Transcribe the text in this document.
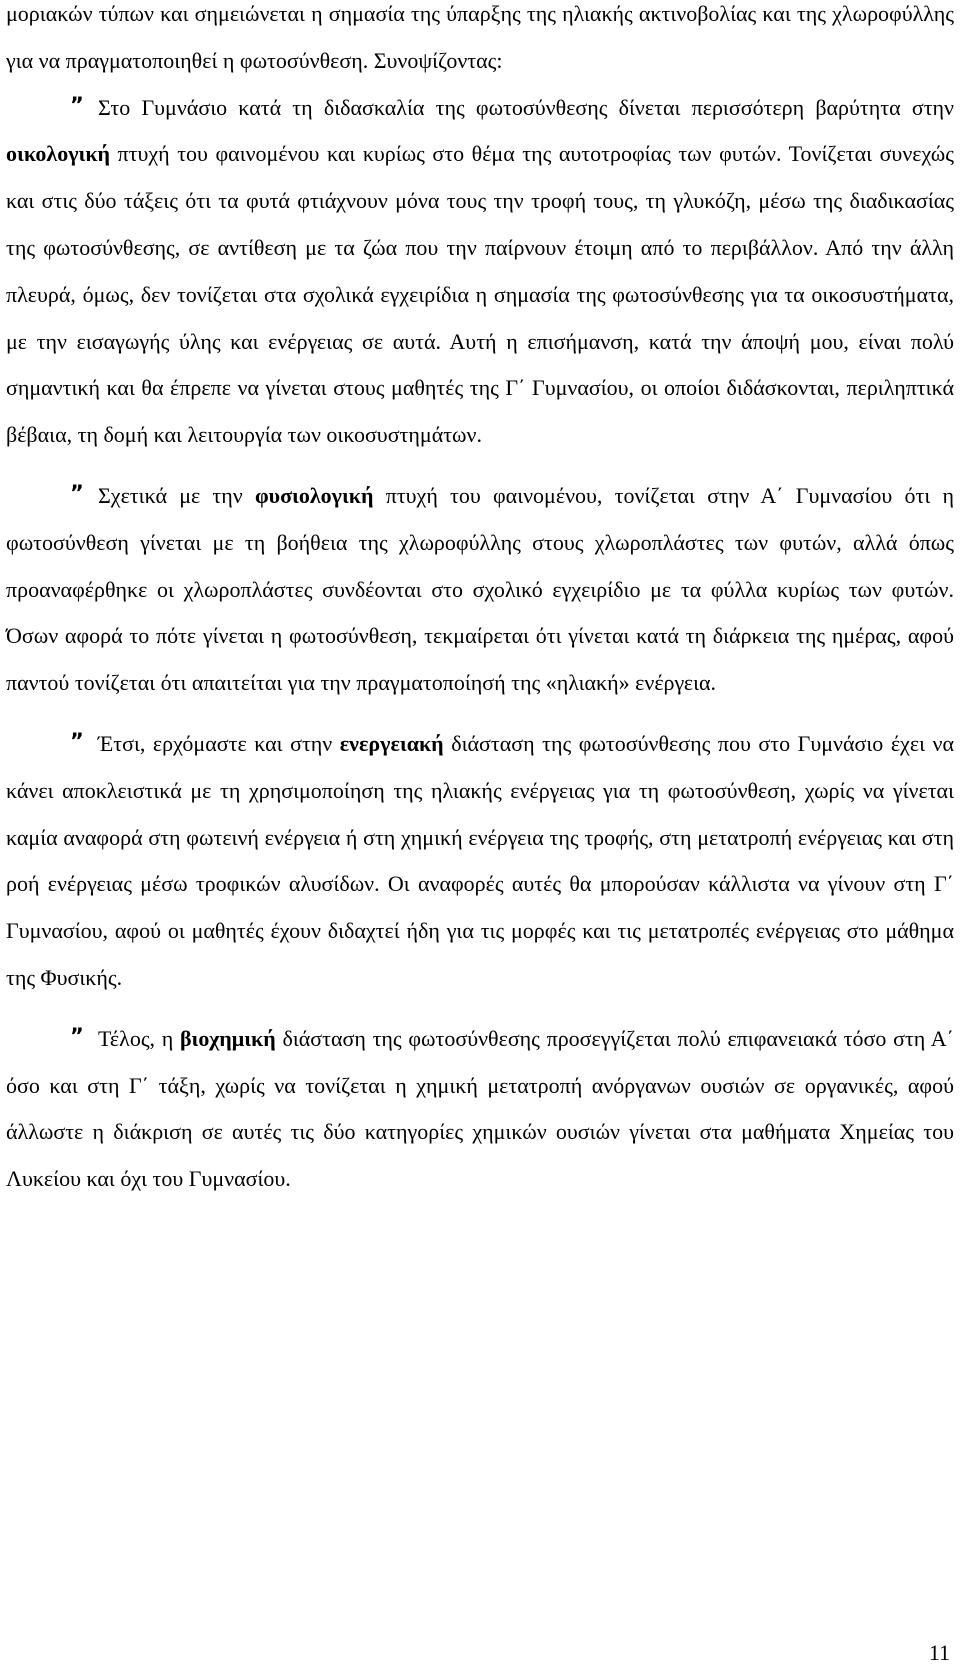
μοριακών τύπων και σημειώνεται η σημασία της ύπαρξης της ηλιακής ακτινοβολίας και της χλωροφύλλης για να πραγματοποιηθεί η φωτοσύνθεση. Συνοψίζοντας:

” Στο Γυμνάσιο κατά τη διδασκαλία της φωτοσύνθεσης δίνεται περισσότερη βαρύτητα στην οικολογική πτυχή του φαινομένου και κυρίως στο θέμα της αυτοτροφίας των φυτών. Τονίζεται συνεχώς και στις δύο τάξεις ότι τα φυτά φτιάχνουν μόνα τους την τροφή τους, τη γλυκόζη, μέσω της διαδικασίας της φωτοσύνθεσης, σε αντίθεση με τα ζώα που την παίρνουν έτοιμη από το περιβάλλον. Από την άλλη πλευρά, όμως, δεν τονίζεται στα σχολικά εγχειρίδια η σημασία της φωτοσύνθεσης για τα οικοσυστήματα, με την εισαγωγής ύλης και ενέργειας σε αυτά. Αυτή η επισήμανση, κατά την άποψή μου, είναι πολύ σημαντική και θα έπρεπε να γίνεται στους μαθητές της Γ΄ Γυμνασίου, οι οποίοι διδάσκονται, περιληπτικά βέβαια, τη δομή και λειτουργία των οικοσυστημάτων.

” Σχετικά με την φυσιολογική πτυχή του φαινομένου, τονίζεται στην Α΄ Γυμνασίου ότι η φωτοσύνθεση γίνεται με τη βοήθεια της χλωροφύλλης στους χλωροπλάστες των φυτών, αλλά όπως προαναφέρθηκε οι χλωροπλάστες συνδέονται στο σχολικό εγχειρίδιο με τα φύλλα κυρίως των φυτών. Όσων αφορά το πότε γίνεται η φωτοσύνθεση, τεκμαίρεται ότι γίνεται κατά τη διάρκεια της ημέρας, αφού παντού τονίζεται ότι απαιτείται για την πραγματοποίησή της «ηλιακή» ενέργεια.

” Έτσι, ερχόμαστε και στην ενεργειακή διάσταση της φωτοσύνθεσης που στο Γυμνάσιο έχει να κάνει αποκλειστικά με τη χρησιμοποίηση της ηλιακής ενέργειας για τη φωτοσύνθεση, χωρίς να γίνεται καμία αναφορά στη φωτεινή ενέργεια ή στη χημική ενέργεια της τροφής, στη μετατροπή ενέργειας και στη ροή ενέργειας μέσω τροφικών αλυσίδων. Οι αναφορές αυτές θα μπορούσαν κάλλιστα να γίνουν στη Γ΄ Γυμνασίου, αφού οι μαθητές έχουν διδαχτεί ήδη για τις μορφές και τις μετατροπές ενέργειας στο μάθημα της Φυσικής.

” Τέλος, η βιοχημική διάσταση της φωτοσύνθεσης προσεγγίζεται πολύ επιφανειακά τόσο στη Α΄ όσο και στη Γ΄ τάξη, χωρίς να τονίζεται η χημική μετατροπή ανόργανων ουσιών σε οργανικές, αφού άλλωστε η διάκριση σε αυτές τις δύο κατηγορίες χημικών ουσιών γίνεται στα μαθήματα Χημείας του Λυκείου και όχι του Γυμνασίου.

11
